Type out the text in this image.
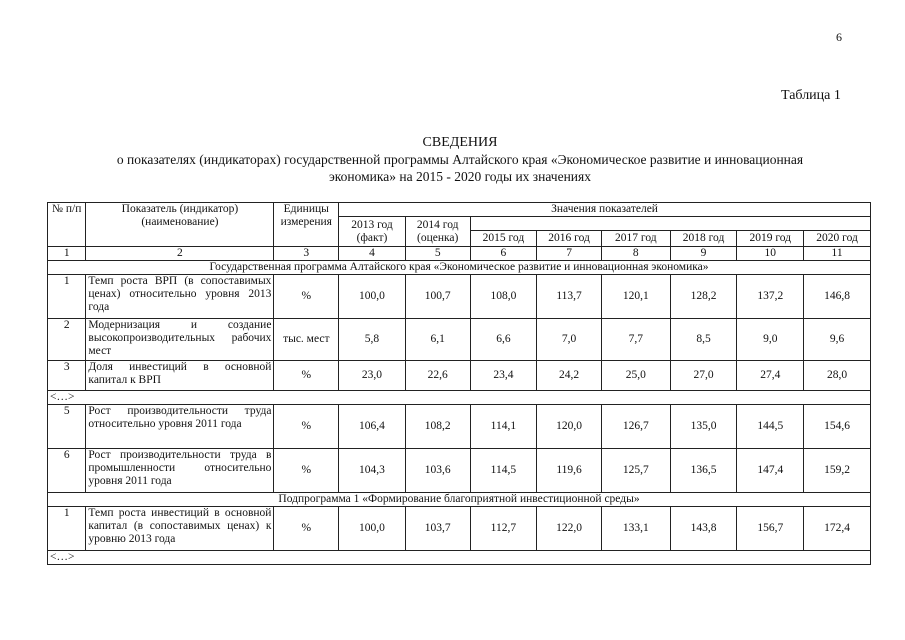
6
Таблица 1
СВЕДЕНИЯ
о показателях (индикаторах) государственной программы Алтайского края «Экономическое развитие и инновационная
экономика» на 2015 - 2020 годы их значениях
№ п/п	Показатель (индикатор) (наименование)	Единицы измерения	Значения показателей							
			2013 год (факт)	2014 год (оценка)						
					2015 год	2016 год	2017 год	2018 год	2019 год	2020 год
1	2	3	4	5	6	7	8	9	10	11
Государственная программа Алтайского края «Экономическое развитие и инновационная экономика»										
1	Темп роста ВРП (в сопоставимых ценах) относительно уровня 2013 года	%	100,0	100,7	108,0	113,7	120,1	128,2	137,2	146,8
2	Модернизация и создание высокопроизводительных рабочих мест	тыс. мест	5,8	6,1	6,6	7,0	7,7	8,5	9,0	9,6
3	Доля инвестиций в основной капитал к ВРП	%	23,0	22,6	23,4	24,2	25,0	27,0	27,4	28,0
<…>										
5	Рост производительности труда относительно уровня 2011 года	%	106,4	108,2	114,1	120,0	126,7	135,0	144,5	154,6
6	Рост производительности труда в промышленности относительно уровня 2011 года	%	104,3	103,6	114,5	119,6	125,7	136,5	147,4	159,2
Подпрограмма 1 «Формирование благоприятной инвестиционной среды»										
1	Темп роста инвестиций в основной капитал (в сопоставимых ценах) к уровню 2013 года	%	100,0	103,7	112,7	122,0	133,1	143,8	156,7	172,4
<…>										
